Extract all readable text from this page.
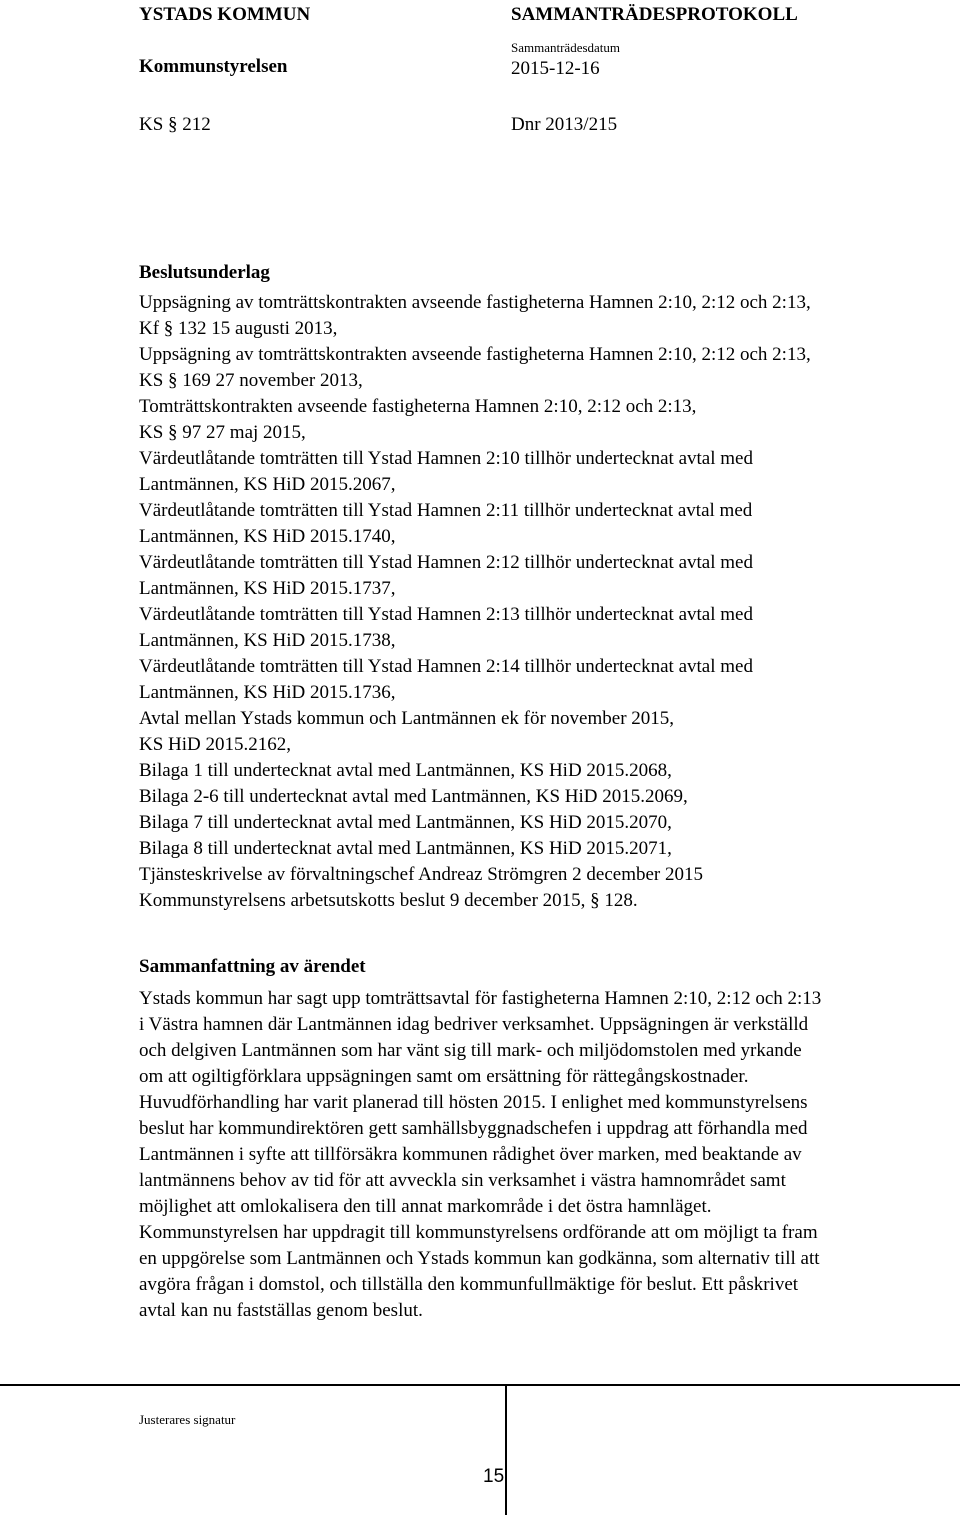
YSTADS KOMMUN	SAMMANTRÄDESPROTOKOLL
Kommunstyrelsen
Sammanträdesdatum
2015-12-16
KS § 212	Dnr 2013/215
Beslutsunderlag
Uppsägning av tomträttskontrakten avseende fastigheterna Hamnen 2:10, 2:12 och 2:13,
Kf § 132 15 augusti 2013,
Uppsägning av tomträttskontrakten avseende fastigheterna Hamnen 2:10, 2:12 och 2:13,
KS § 169 27 november 2013,
Tomträttskontrakten avseende fastigheterna Hamnen 2:10, 2:12 och 2:13,
KS § 97 27 maj 2015,
Värdeutlåtande tomträtten till Ystad Hamnen 2:10 tillhör undertecknat avtal med
Lantmännen, KS HiD 2015.2067,
Värdeutlåtande tomträtten till Ystad Hamnen 2:11 tillhör undertecknat avtal med
Lantmännen, KS HiD 2015.1740,
Värdeutlåtande tomträtten till Ystad Hamnen 2:12 tillhör undertecknat avtal med
Lantmännen, KS HiD 2015.1737,
Värdeutlåtande tomträtten till Ystad Hamnen 2:13 tillhör undertecknat avtal med
Lantmännen, KS HiD 2015.1738,
Värdeutlåtande tomträtten till Ystad Hamnen 2:14 tillhör undertecknat avtal med
Lantmännen, KS HiD 2015.1736,
Avtal mellan Ystads kommun och Lantmännen ek för november 2015,
KS HiD 2015.2162,
Bilaga 1 till undertecknat avtal med Lantmännen, KS HiD 2015.2068,
Bilaga 2-6 till undertecknat avtal med Lantmännen, KS HiD 2015.2069,
Bilaga 7 till undertecknat avtal med Lantmännen, KS HiD 2015.2070,
Bilaga 8 till undertecknat avtal med Lantmännen, KS HiD 2015.2071,
Tjänsteskrivelse av förvaltningschef Andreaz Strömgren 2 december 2015
Kommunstyrelsens arbetsutskotts beslut 9 december 2015, § 128.
Sammanfattning av ärendet
Ystads kommun har sagt upp tomträttsavtal för fastigheterna Hamnen 2:10, 2:12 och 2:13
i Västra hamnen där Lantmännen idag bedriver verksamhet. Uppsägningen är verkställd
och delgiven Lantmännen som har vänt sig till mark- och miljödomstolen med yrkande
om att ogiltigförklara uppsägningen samt om ersättning för rättegångskostnader.
Huvudförhandling har varit planerad till hösten 2015. I enlighet med kommunstyrelsens
beslut har kommundirektören gett samhällsbyggnadschefen i uppdrag att förhandla med
Lantmännen i syfte att tillförsäkra kommunen rådighet över marken, med beaktande av
lantmännens behov av tid för att avveckla sin verksamhet i västra hamnområdet samt
möjlighet att omlokalisera den till annat markområde i det östra hamnläget.
Kommunstyrelsen har uppdragit till kommunstyrelsens ordförande att om möjligt ta fram
en uppgörelse som Lantmännen och Ystads kommun kan godkänna, som alternativ till att
avgöra frågan i domstol, och tillställa den kommunfullmäktige för beslut. Ett påskrivet
avtal kan nu fastställas genom beslut.
Justerares signatur
15
